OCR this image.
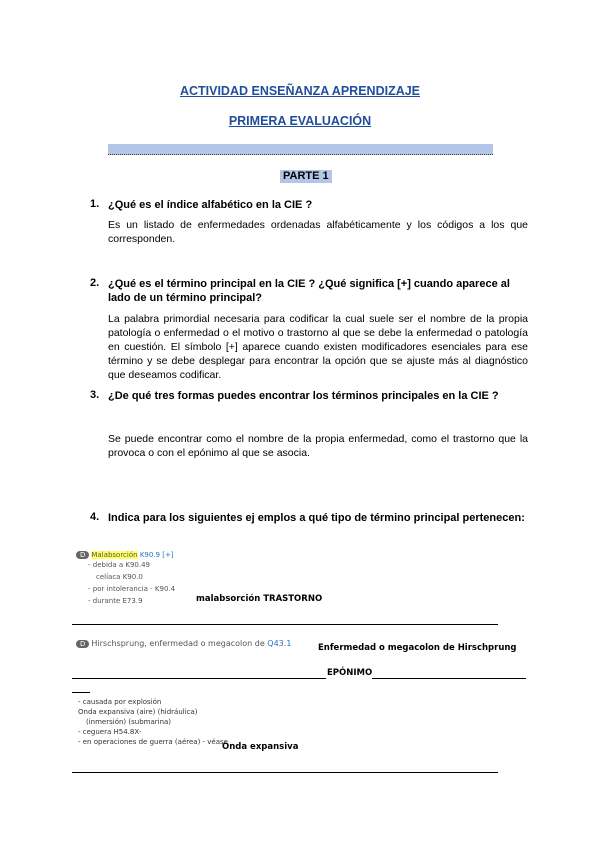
ACTIVIDAD ENSEÑANZA APRENDIZAJE
PRIMERA EVALUACIÓN
PARTE 1
1. ¿Qué es el índice alfabético en la CIE ?
Es un listado de enfermedades ordenadas alfabéticamente y los códigos a los que corresponden.
2. ¿Qué es el término principal en la CIE ? ¿Qué significa [+] cuando aparece al lado de un término principal?
La palabra primordial necesaria para codificar la cual suele ser el nombre de la propia patología o enfermedad o el motivo o trastorno al que se debe la enfermedad o patología en cuestión. El símbolo [+] aparece cuando existen modificadores esenciales para ese término y se debe desplegar para encontrar la opción que se ajuste más al diagnóstico que deseamos codificar.
3. ¿De qué tres formas puedes encontrar los términos principales en la CIE ?
Se puede encontrar como el nombre de la propia enfermedad, como el trastorno que la provoca o con el epónimo al que se asocia.
4. Indica para los siguientes ej emplos a qué tipo de término principal pertenecen:
D Malabsorción K90.9 [+]
- debida a K90.49
celíaca K90.0
- por intolerancia - K90.4
- durante E73.9	malabsorción TRASTORNO
D Hirschsprung, enfermedad o megacolon de Q43.1	Enfermedad o megacolon de Hirschprung
EPÓNIMO
- causada por explosión
Onda expansiva (aire) (hidráulica)
(inmersión) (submarina)
- ceguera H54.8X-
- en operaciones de guerra (aérea) - véase
Onda expansiva
